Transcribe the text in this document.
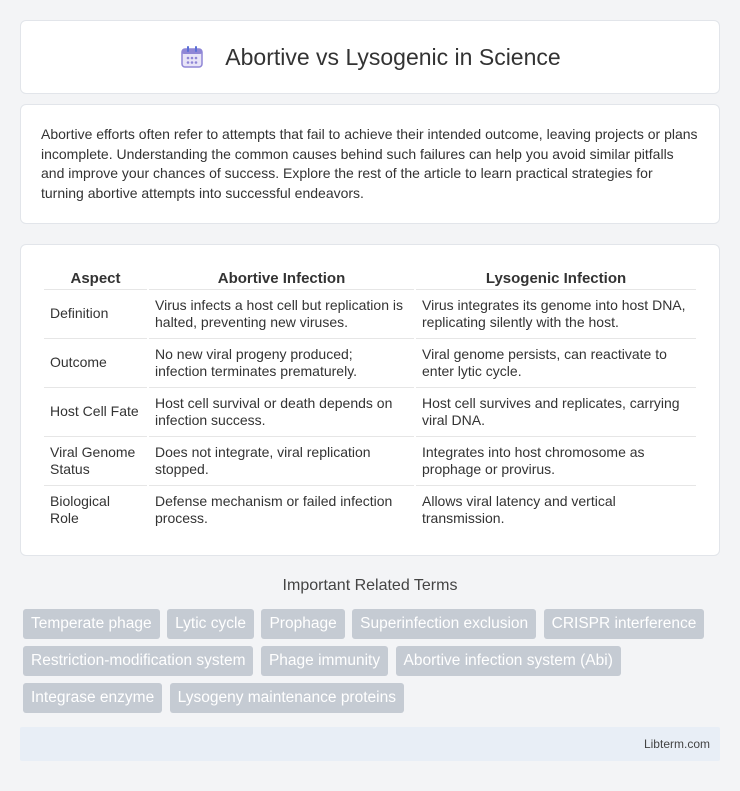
Abortive vs Lysogenic in Science

Abortive efforts often refer to attempts that fail to achieve their intended outcome, leaving projects or plans incomplete. Understanding the common causes behind such failures can help you avoid similar pitfalls and improve your chances of success. Explore the rest of the article to learn practical strategies for turning abortive attempts into successful endeavors.

Aspect	Abortive Infection	Lysogenic Infection
Definition	Virus infects a host cell but replication is halted, preventing new viruses.	Virus integrates its genome into host DNA, replicating silently with the host.
Outcome	No new viral progeny produced; infection terminates prematurely.	Viral genome persists, can reactivate to enter lytic cycle.
Host Cell Fate	Host cell survival or death depends on infection success.	Host cell survives and replicates, carrying viral DNA.
Viral Genome Status	Does not integrate, viral replication stopped.	Integrates into host chromosome as prophage or provirus.
Biological Role	Defense mechanism or failed infection process.	Allows viral latency and vertical transmission.
Important Related Terms
Temperate phage Lytic cycle Prophage Superinfection exclusion CRISPR interference Restriction-modification system Phage immunity Abortive infection system (Abi) Integrase enzyme Lysogeny maintenance proteins
Libterm.com
